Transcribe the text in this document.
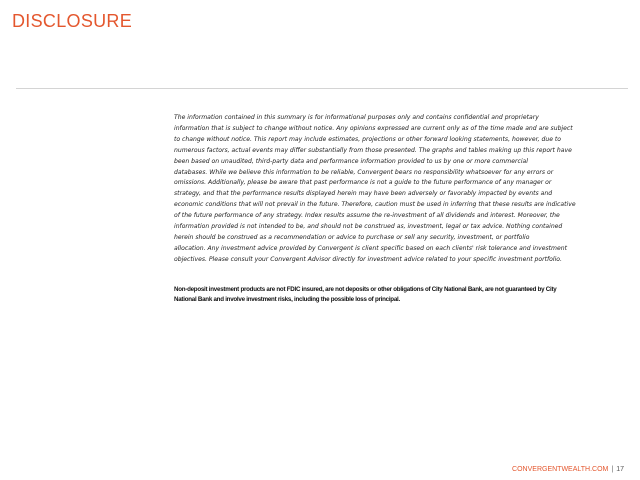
DISCLOSURE
The information contained in this summary is for informational purposes only and contains confidential and proprietary
information that is subject to change without notice. Any opinions expressed are current only as of the time made and are subject
to change without notice. This report may include estimates, projections or other forward looking statements, however, due to
numerous factors, actual events may differ substantially from those presented. The graphs and tables making up this report have
been based on unaudited, third-party data and performance information provided to us by one or more commercial
databases. While we believe this information to be reliable, Convergent bears no responsibility whatsoever for any errors or
omissions. Additionally, please be aware that past performance is not a guide to the future performance of any manager or
strategy, and that the performance results displayed herein may have been adversely or favorably impacted by events and
economic conditions that will not prevail in the future. Therefore, caution must be used in inferring that these results are indicative
of the future performance of any strategy. Index results assume the re-investment of all dividends and interest. Moreover, the
information provided is not intended to be, and should not be construed as, investment, legal or tax advice. Nothing contained
herein should be construed as a recommendation or advice to purchase or sell any security, investment, or portfolio
allocation. Any investment advice provided by Convergent is client specific based on each clients' risk tolerance and investment
objectives. Please consult your Convergent Advisor directly for investment advice related to your specific investment portfolio.
Non-deposit investment products are not FDIC insured, are not deposits or other obligations of City National Bank, are not guaranteed by City
National Bank and involve investment risks, including the possible loss of principal.
CONVERGENTWEALTH.COM | 17
